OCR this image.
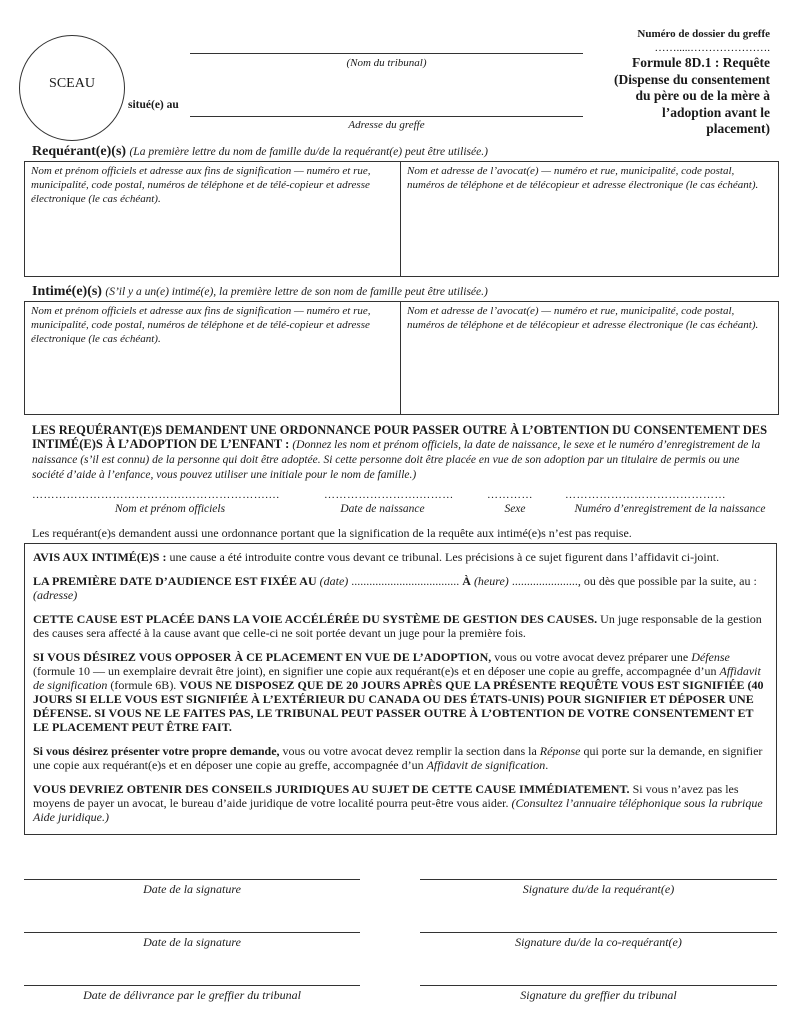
SCEAU
(Nom du tribunal)
situé(e) au
Adresse du greffe
Numéro de dossier du greffe
…….....………………….
Formule 8D.1 : Requête
(Dispense du consentement
du père ou de la mère à
l’adoption avant le
placement)
Requérant(e)(s) (La première lettre du nom de famille du/de la requérant(e) peut être utilisée.)
Nom et prénom officiels et adresse aux fins de signification — numéro et rue, municipalité, code postal, numéros de téléphone et de télé-copieur et adresse électronique (le cas échéant).
Nom et adresse de l’avocat(e) — numéro et rue, municipalité, code postal, numéros de téléphone et de télécopieur et adresse électronique (le cas échéant).
Intimé(e)(s) (S’il y a un(e) intimé(e), la première lettre de son nom de famille peut être utilisée.)
Nom et prénom officiels et adresse aux fins de signification — numéro et rue, municipalité, code postal, numéros de téléphone et de télé-copieur et adresse électronique (le cas échéant).
Nom et adresse de l’avocat(e) — numéro et rue, municipalité, code postal, numéros de téléphone et de télécopieur et adresse électronique (le cas échéant).
LES REQUÉRANT(E)S DEMANDENT UNE ORDONNANCE POUR PASSER OUTRE À L’OBTENTION DU CONSENTEMENT DES INTIMÉ(E)S À L’ADOPTION DE L’ENFANT : (Donnez les nom et prénom officiels, la date de naissance, le sexe et le numéro d’enregistrement de la naissance (s’il est connu) de la personne qui doit être adoptée. Si cette personne doit être placée en vue de son adoption par un titulaire de permis ou une société d’aide à l’enfance, vous pouvez utiliser une initiale pour le nom de famille.)
………………………………….………………….…	…………………….………	…………	……………………………………
Nom et prénom officiels	Date de naissance	Sexe	Numéro d’enregistrement de la naissance
Les requérant(e)s demandent aussi une ordonnance portant que la signification de la requête aux intimé(e)s n’est pas requise.

AVIS AUX INTIMÉ(E)S : une cause a été introduite contre vous devant ce tribunal. Les précisions à ce sujet figurent dans l’affidavit ci-joint.

LA PREMIÈRE DATE D’AUDIENCE EST FIXÉE AU (date) .................................... À (heure) ......................, ou dès que possible par la suite, au : (adresse)

CETTE CAUSE EST PLACÉE DANS LA VOIE ACCÉLÉRÉE DU SYSTÈME DE GESTION DES CAUSES. Un juge responsable de la gestion des causes sera affecté à la cause avant que celle-ci ne soit portée devant un juge pour la première fois.

SI VOUS DÉSIREZ VOUS OPPOSER À CE PLACEMENT EN VUE DE L’ADOPTION, vous ou votre avocat devez préparer une Défense (formule 10 — un exemplaire devrait être joint), en signifier une copie aux requérant(e)s et en déposer une copie au greffe, accompagnée d’un Affidavit de signification (formule 6B). VOUS NE DISPOSEZ QUE DE 20 JOURS APRÈS QUE LA PRÉSENTE REQUÊTE VOUS EST SIGNIFIÉE (40 JOURS SI ELLE VOUS EST SIGNIFIÉE À L’EXTÉRIEUR DU CANADA OU DES ÉTATS-UNIS) POUR SIGNIFIER ET DÉPOSER UNE DÉFENSE. SI VOUS NE LE FAITES PAS, LE TRIBUNAL PEUT PASSER OUTRE À L’OBTENTION DE VOTRE CONSENTEMENT ET LE PLACEMENT PEUT ÊTRE FAIT.

Si vous désirez présenter votre propre demande, vous ou votre avocat devez remplir la section dans la Réponse qui porte sur la demande, en signifier une copie aux requérant(e)s et en déposer une copie au greffe, accompagnée d’un Affidavit de signification.

VOUS DEVRIEZ OBTENIR DES CONSEILS JURIDIQUES AU SUJET DE CETTE CAUSE IMMÉDIATEMENT. Si vous n’avez pas les moyens de payer un avocat, le bureau d’aide juridique de votre localité pourra peut-être vous aider. (Consultez l’annuaire téléphonique sous la rubrique Aide juridique.)

Date de la signature	Signature du/de la requérant(e)
Date de la signature	Signature du/de la co-requérant(e)
Date de délivrance par le greffier du tribunal	Signature du greffier du tribunal
